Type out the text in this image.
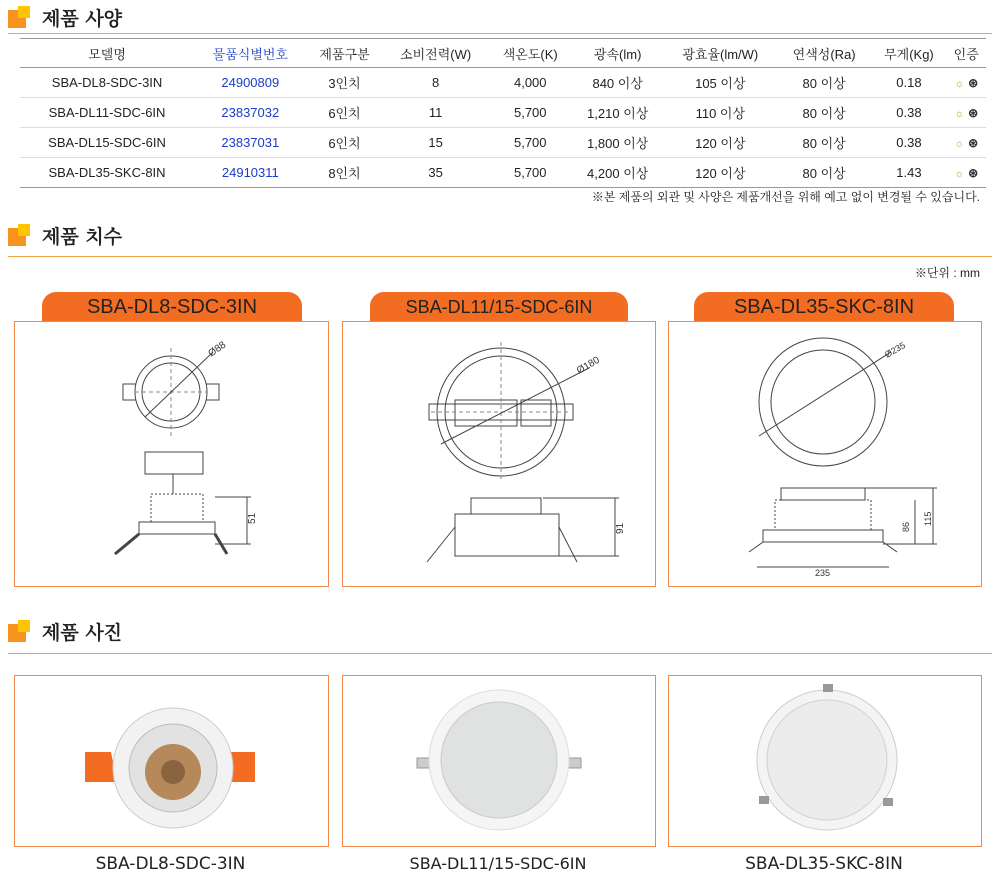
제품 사양
모델명	물품식별번호	제품구분	소비전력(W)	색온도(K)	광속(lm)	광효율(lm/W)	연색성(Ra)	무게(Kg)	인증
SBA-DL8-SDC-3IN	24900809	3인치	8	4,000	840 이상	105 이상	80 이상	0.18	☼ ⊛
SBA-DL11-SDC-6IN	23837032	6인치	11	5,700	1,210 이상	110 이상	80 이상	0.38	☼ ⊛
SBA-DL15-SDC-6IN	23837031	6인치	15	5,700	1,800 이상	120 이상	80 이상	0.38	☼ ⊛
SBA-DL35-SKC-8IN	24910311	8인치	35	5,700	4,200 이상	120 이상	80 이상	1.43	☼ ⊛
※본 제품의 외관 및 사양은 제품개선을 위해 예고 없이 변경될 수 있습니다.
제품 치수
※단위 : mm
SBA-DL8-SDC-3IN	SBA-DL11/15-SDC-6IN	SBA-DL35-SKC-8IN
Ø88
51
Ø180
91
Ø235
86
115
235
제품 사진
SBA-DL8-SDC-3IN	SBA-DL11/15-SDC-6IN	SBA-DL35-SKC-8IN
